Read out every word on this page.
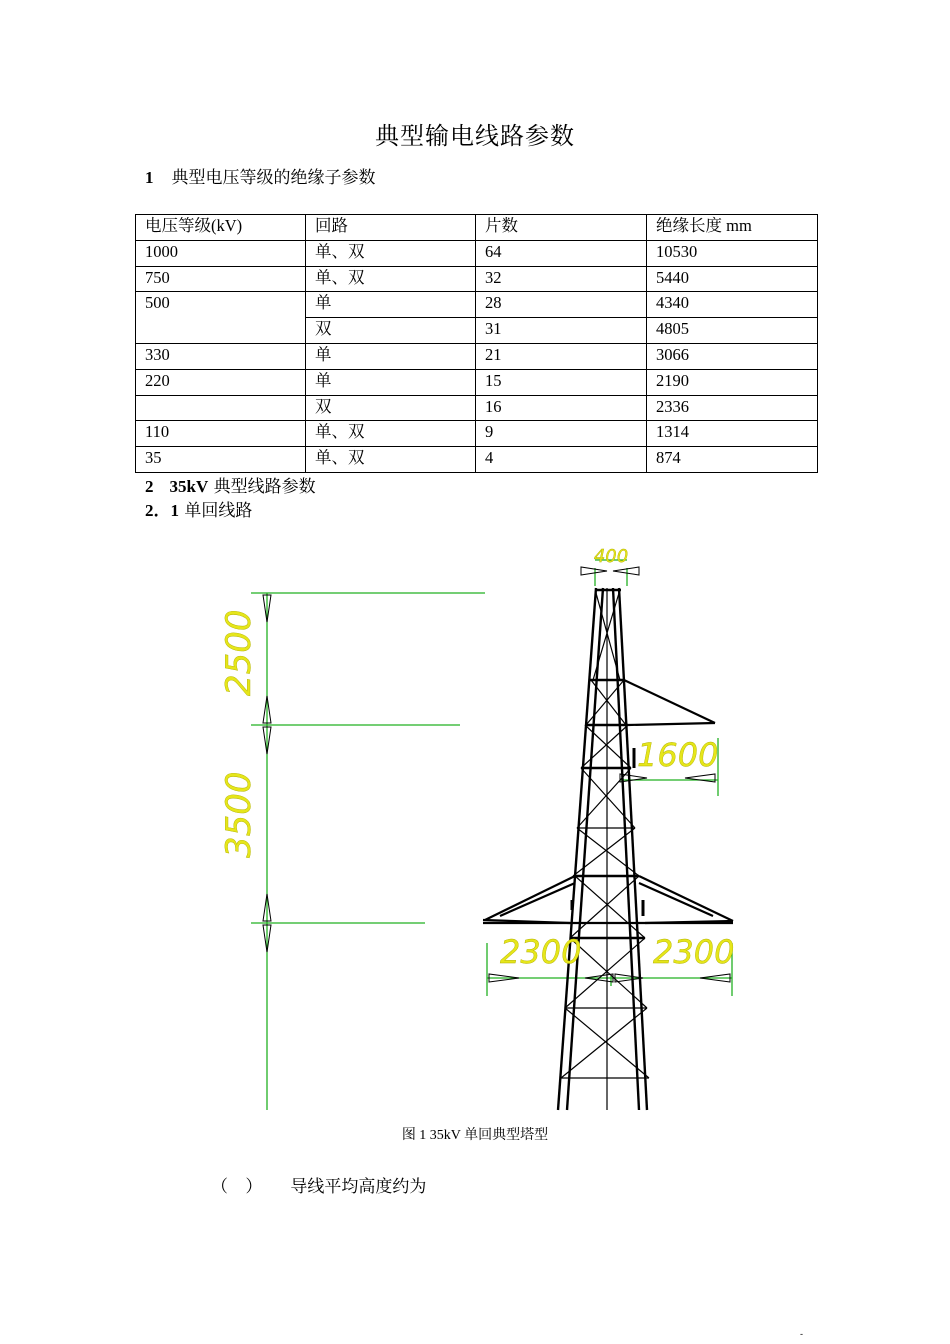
典型输电线路参数
1 典型电压等级的绝缘子参数
电压等级(kV)	回路	片数	绝缘长度 mm
1000	单、双	64	10530
750	单、双	32	5440
500	单	28	4340
	双	31	4805
330	单	21	3066
220	单	15	2190
	双	16	2336
110	单、双	9	1314
35	单、双	4	874
2 35kV 典型线路参数
2．1 单回线路
400
2500
3500
1600
2300 2300
图 1 35kV 单回典型塔型
（ ） 导线平均高度约为
-
